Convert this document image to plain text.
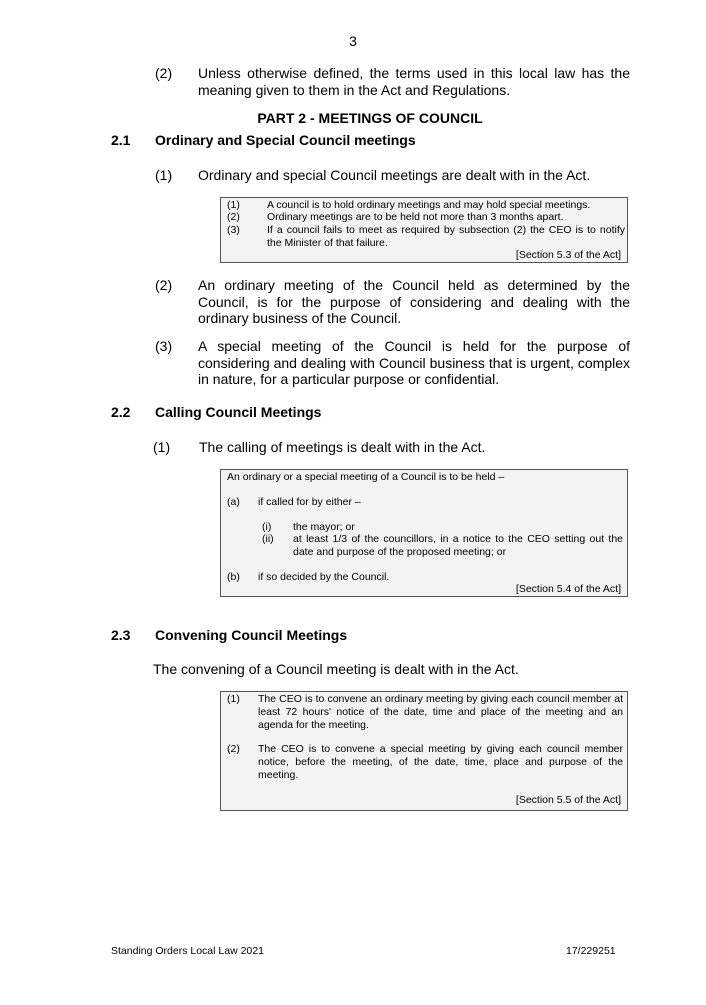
3
(2) Unless otherwise defined, the terms used in this local law has the meaning given to them in the Act and Regulations.
PART 2 - MEETINGS OF COUNCIL
2.1 Ordinary and Special Council meetings
(1) Ordinary and special Council meetings are dealt with in the Act.
(1)	A council is to hold ordinary meetings and may hold special meetings.
(2)	Ordinary meetings are to be held not more than 3 months apart.
(3)	If a council fails to meet as required by subsection (2) the CEO is to notify the Minister of that failure.
[Section 5.3 of the Act]
(2) An ordinary meeting of the Council held as determined by the Council, is for the purpose of considering and dealing with the ordinary business of the Council.
(3) A special meeting of the Council is held for the purpose of considering and dealing with Council business that is urgent, complex in nature, for a particular purpose or confidential.
2.2 Calling Council Meetings
(1) The calling of meetings is dealt with in the Act.
An ordinary or a special meeting of a Council is to be held –
(a) if called for by either –
(i) the mayor; or
(ii) at least 1/3 of the councillors, in a notice to the CEO setting out the date and purpose of the proposed meeting; or
(b) if so decided by the Council.
[Section 5.4 of the Act]
2.3 Convening Council Meetings
The convening of a Council meeting is dealt with in the Act.
(1) The CEO is to convene an ordinary meeting by giving each council member at least 72 hours' notice of the date, time and place of the meeting and an agenda for the meeting.
(2) The CEO is to convene a special meeting by giving each council member notice, before the meeting, of the date, time, place and purpose of the meeting.
[Section 5.5 of the Act]
Standing Orders Local Law 2021	17/229251
